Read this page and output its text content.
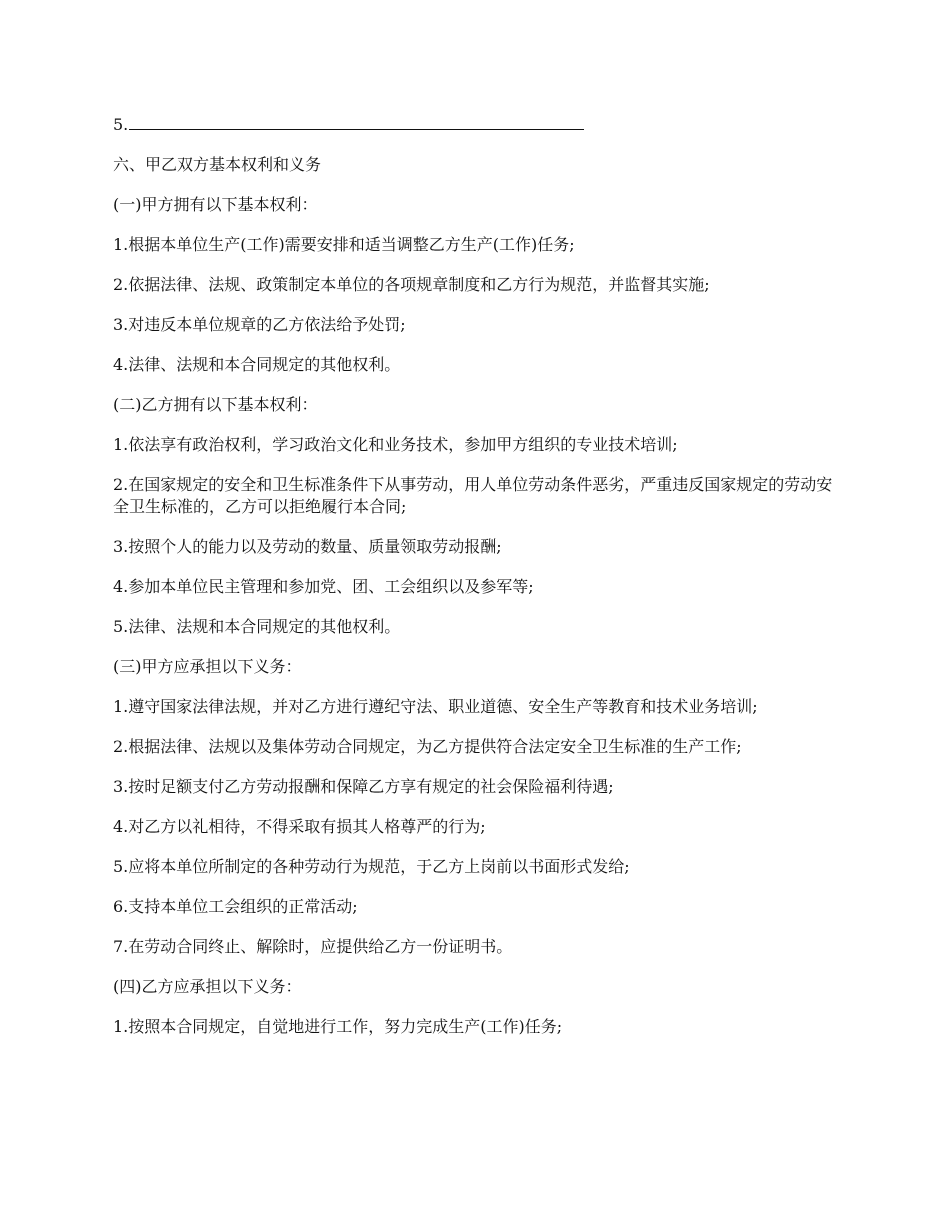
5.

六、甲乙双方基本权利和义务

(一)甲方拥有以下基本权利：

1.根据本单位生产(工作)需要安排和适当调整乙方生产(工作)任务;

2.依据法律、法规、政策制定本单位的各项规章制度和乙方行为规范，并监督其实施;

3.对违反本单位规章的乙方依法给予处罚;

4.法律、法规和本合同规定的其他权利。

(二)乙方拥有以下基本权利：

1.依法享有政治权利，学习政治文化和业务技术，参加甲方组织的专业技术培训;

2.在国家规定的安全和卫生标准条件下从事劳动，用人单位劳动条件恶劣，严重违反国家规定的劳动安全卫生标准的，乙方可以拒绝履行本合同;

3.按照个人的能力以及劳动的数量、质量领取劳动报酬;

4.参加本单位民主管理和参加党、团、工会组织以及参军等;

5.法律、法规和本合同规定的其他权利。

(三)甲方应承担以下义务：

1.遵守国家法律法规，并对乙方进行遵纪守法、职业道德、安全生产等教育和技术业务培训;

2.根据法律、法规以及集体劳动合同规定，为乙方提供符合法定安全卫生标准的生产工作;

3.按时足额支付乙方劳动报酬和保障乙方享有规定的社会保险福利待遇;

4.对乙方以礼相待，不得采取有损其人格尊严的行为;

5.应将本单位所制定的各种劳动行为规范，于乙方上岗前以书面形式发给;

6.支持本单位工会组织的正常活动;

7.在劳动合同终止、解除时，应提供给乙方一份证明书。

(四)乙方应承担以下义务：

1.按照本合同规定，自觉地进行工作，努力完成生产(工作)任务;
